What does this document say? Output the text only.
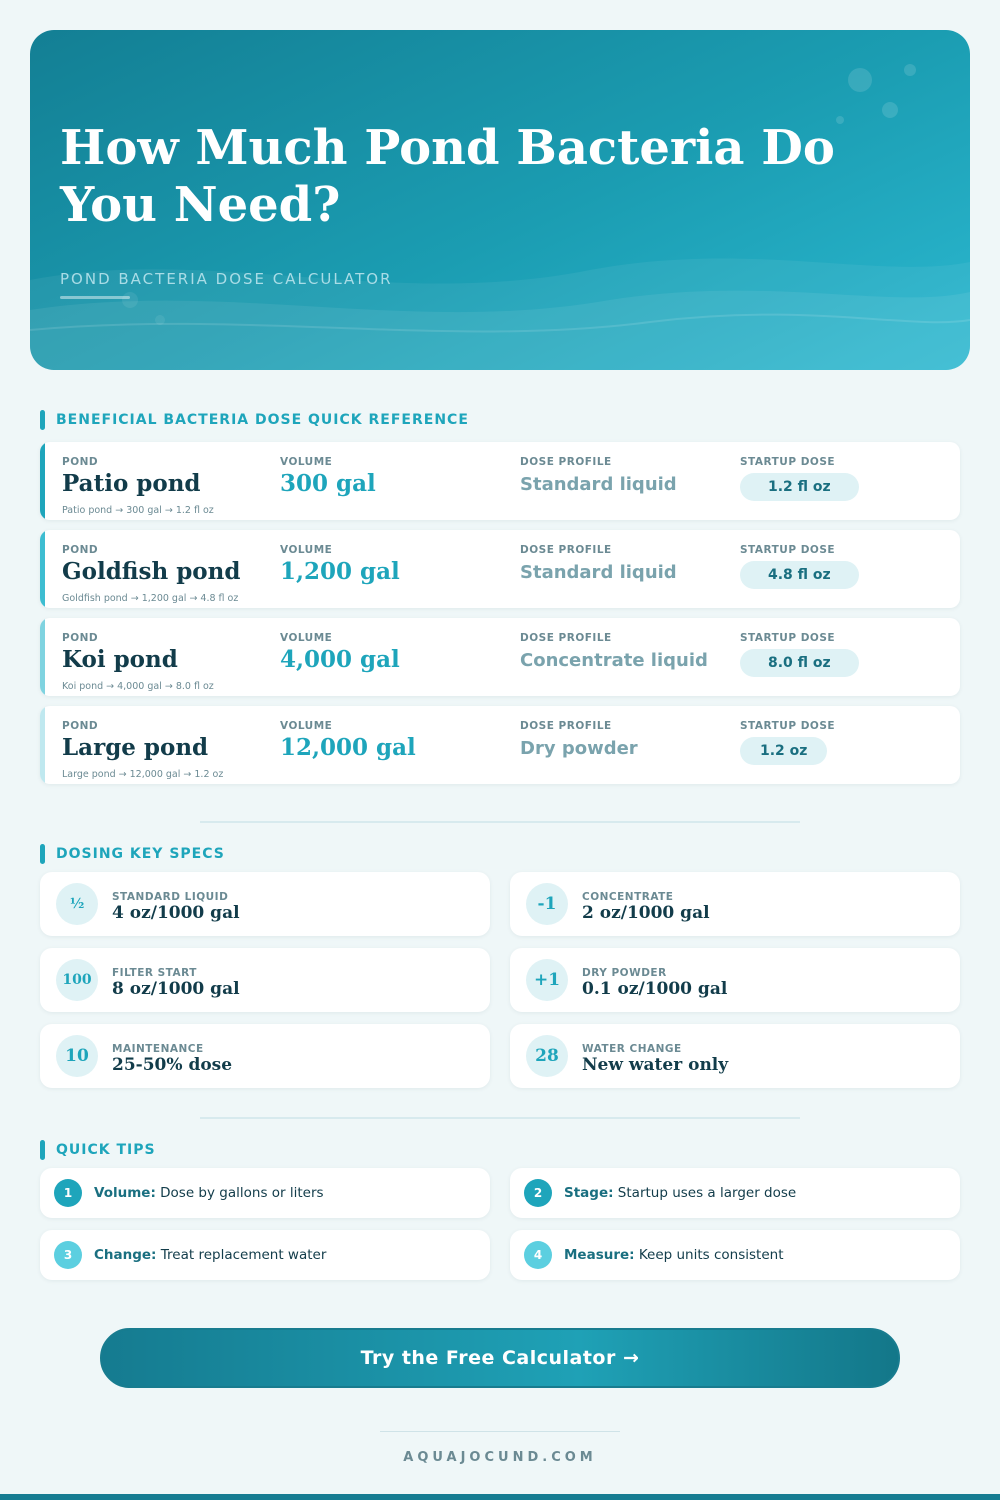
How Much Pond Bacteria Do You Need?
POND BACTERIA DOSE CALCULATOR
BENEFICIAL BACTERIA DOSE QUICK REFERENCE
POND
Patio pond
VOLUME
300 gal
DOSE PROFILE
Standard liquid
STARTUP DOSE
1.2 fl oz
Patio pond → 300 gal → 1.2 fl oz
POND
Goldfish pond
VOLUME
1,200 gal
DOSE PROFILE
Standard liquid
STARTUP DOSE
4.8 fl oz
Goldfish pond → 1,200 gal → 4.8 fl oz
POND
Koi pond
VOLUME
4,000 gal
DOSE PROFILE
Concentrate liquid
STARTUP DOSE
8.0 fl oz
Koi pond → 4,000 gal → 8.0 fl oz
POND
Large pond
VOLUME
12,000 gal
DOSE PROFILE
Dry powder
STARTUP DOSE
1.2 oz
Large pond → 12,000 gal → 1.2 oz
DOSING KEY SPECS
½	STANDARD LIQUID
4 oz/1000 gal	-1	CONCENTRATE
2 oz/1000 gal
100	FILTER START
8 oz/1000 gal	+1	DRY POWDER
0.1 oz/1000 gal
10	MAINTENANCE
25-50% dose	28	WATER CHANGE
New water only
QUICK TIPS
1	Volume: Dose by gallons or liters	2	Stage: Startup uses a larger dose
3	Change: Treat replacement water	4	Measure: Keep units consistent
Try the Free Calculator →
AQUAJOCUND.COM
